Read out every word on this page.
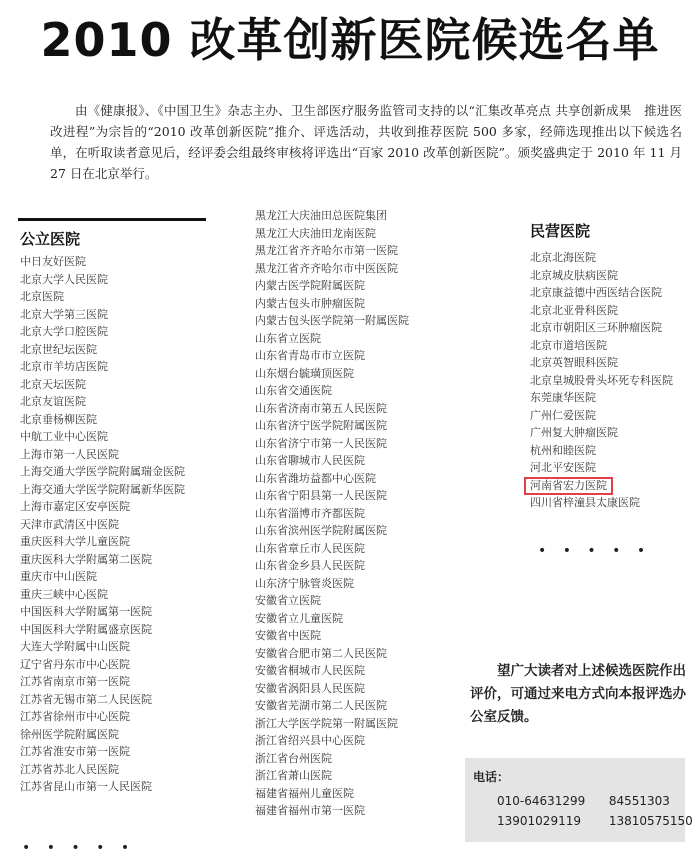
2010 改革创新医院候选名单
由《健康报》、《中国卫生》杂志主办、卫生部医疗服务监管司支持的以“汇集改革亮点 共享创新成果　推进医改进程”为宗旨的“2010 改革创新医院”推介、评选活动，共收到推荐医院 500 多家，经筛选现推出以下候选名单，在听取读者意见后，经评委会组最终审核将评选出“百家 2010 改革创新医院”。颁奖盛典定于 2010 年 11 月 27 日在北京举行。
公立医院
中日友好医院
北京大学人民医院
北京医院
北京大学第三医院
北京大学口腔医院
北京世纪坛医院
北京市羊坊店医院
北京天坛医院
北京友谊医院
北京垂杨柳医院
中航工业中心医院
上海市第一人民医院
上海交通大学医学院附属瑞金医院
上海交通大学医学院附属新华医院
上海市嘉定区安亭医院
天津市武清区中医院
重庆医科大学儿童医院
重庆医科大学附属第二医院
重庆市中山医院
重庆三峡中心医院
中国医科大学附属第一医院
中国医科大学附属盛京医院
大连大学附属中山医院
辽宁省丹东市中心医院
江苏省南京市第一医院
江苏省无锡市第二人民医院
江苏省徐州市中心医院
徐州医学院附属医院
江苏省淮安市第一医院
江苏省苏北人民医院
江苏省昆山市第一人民医院
• • • • •
黑龙江大庆油田总医院集团
黑龙江大庆油田龙南医院
黑龙江省齐齐哈尔市第一医院
黑龙江省齐齐哈尔市中医医院
内蒙古医学院附属医院
内蒙古包头市肿瘤医院
内蒙古包头医学院第一附属医院
山东省立医院
山东省青岛市市立医院
山东烟台毓璜顶医院
山东省交通医院
山东省济南市第五人民医院
山东省济宁医学院附属医院
山东省济宁市第一人民医院
山东省聊城市人民医院
山东省潍坊益都中心医院
山东省宁阳县第一人民医院
山东省淄博市齐都医院
山东省滨州医学院附属医院
山东省章丘市人民医院
山东省金乡县人民医院
山东济宁脉管炎医院
安徽省立医院
安徽省立儿童医院
安徽省中医院
安徽省合肥市第二人民医院
安徽省桐城市人民医院
安徽省涡阳县人民医院
安徽省芜湖市第二人民医院
浙江大学医学院第一附属医院
浙江省绍兴县中心医院
浙江省台州医院
浙江省萧山医院
福建省福州儿童医院
福建省福州市第一医院
民营医院
北京北海医院
北京城皮肤病医院
北京康益德中西医结合医院
北京北亚骨科医院
北京市朝阳区三环肿瘤医院
北京市道培医院
北京英智眼科医院
北京皇城股骨头坏死专科医院
东莞康华医院
广州仁爱医院
广州复大肿瘤医院
杭州和睦医院
河北平安医院
河南省宏力医院
四川省梓潼县太康医院
• • • • •
望广大读者对上述候选医院作出评价，可通过来电方式向本报评选办公室反馈。
电话：
010-64631299 84551303
13901029119 13810575150
